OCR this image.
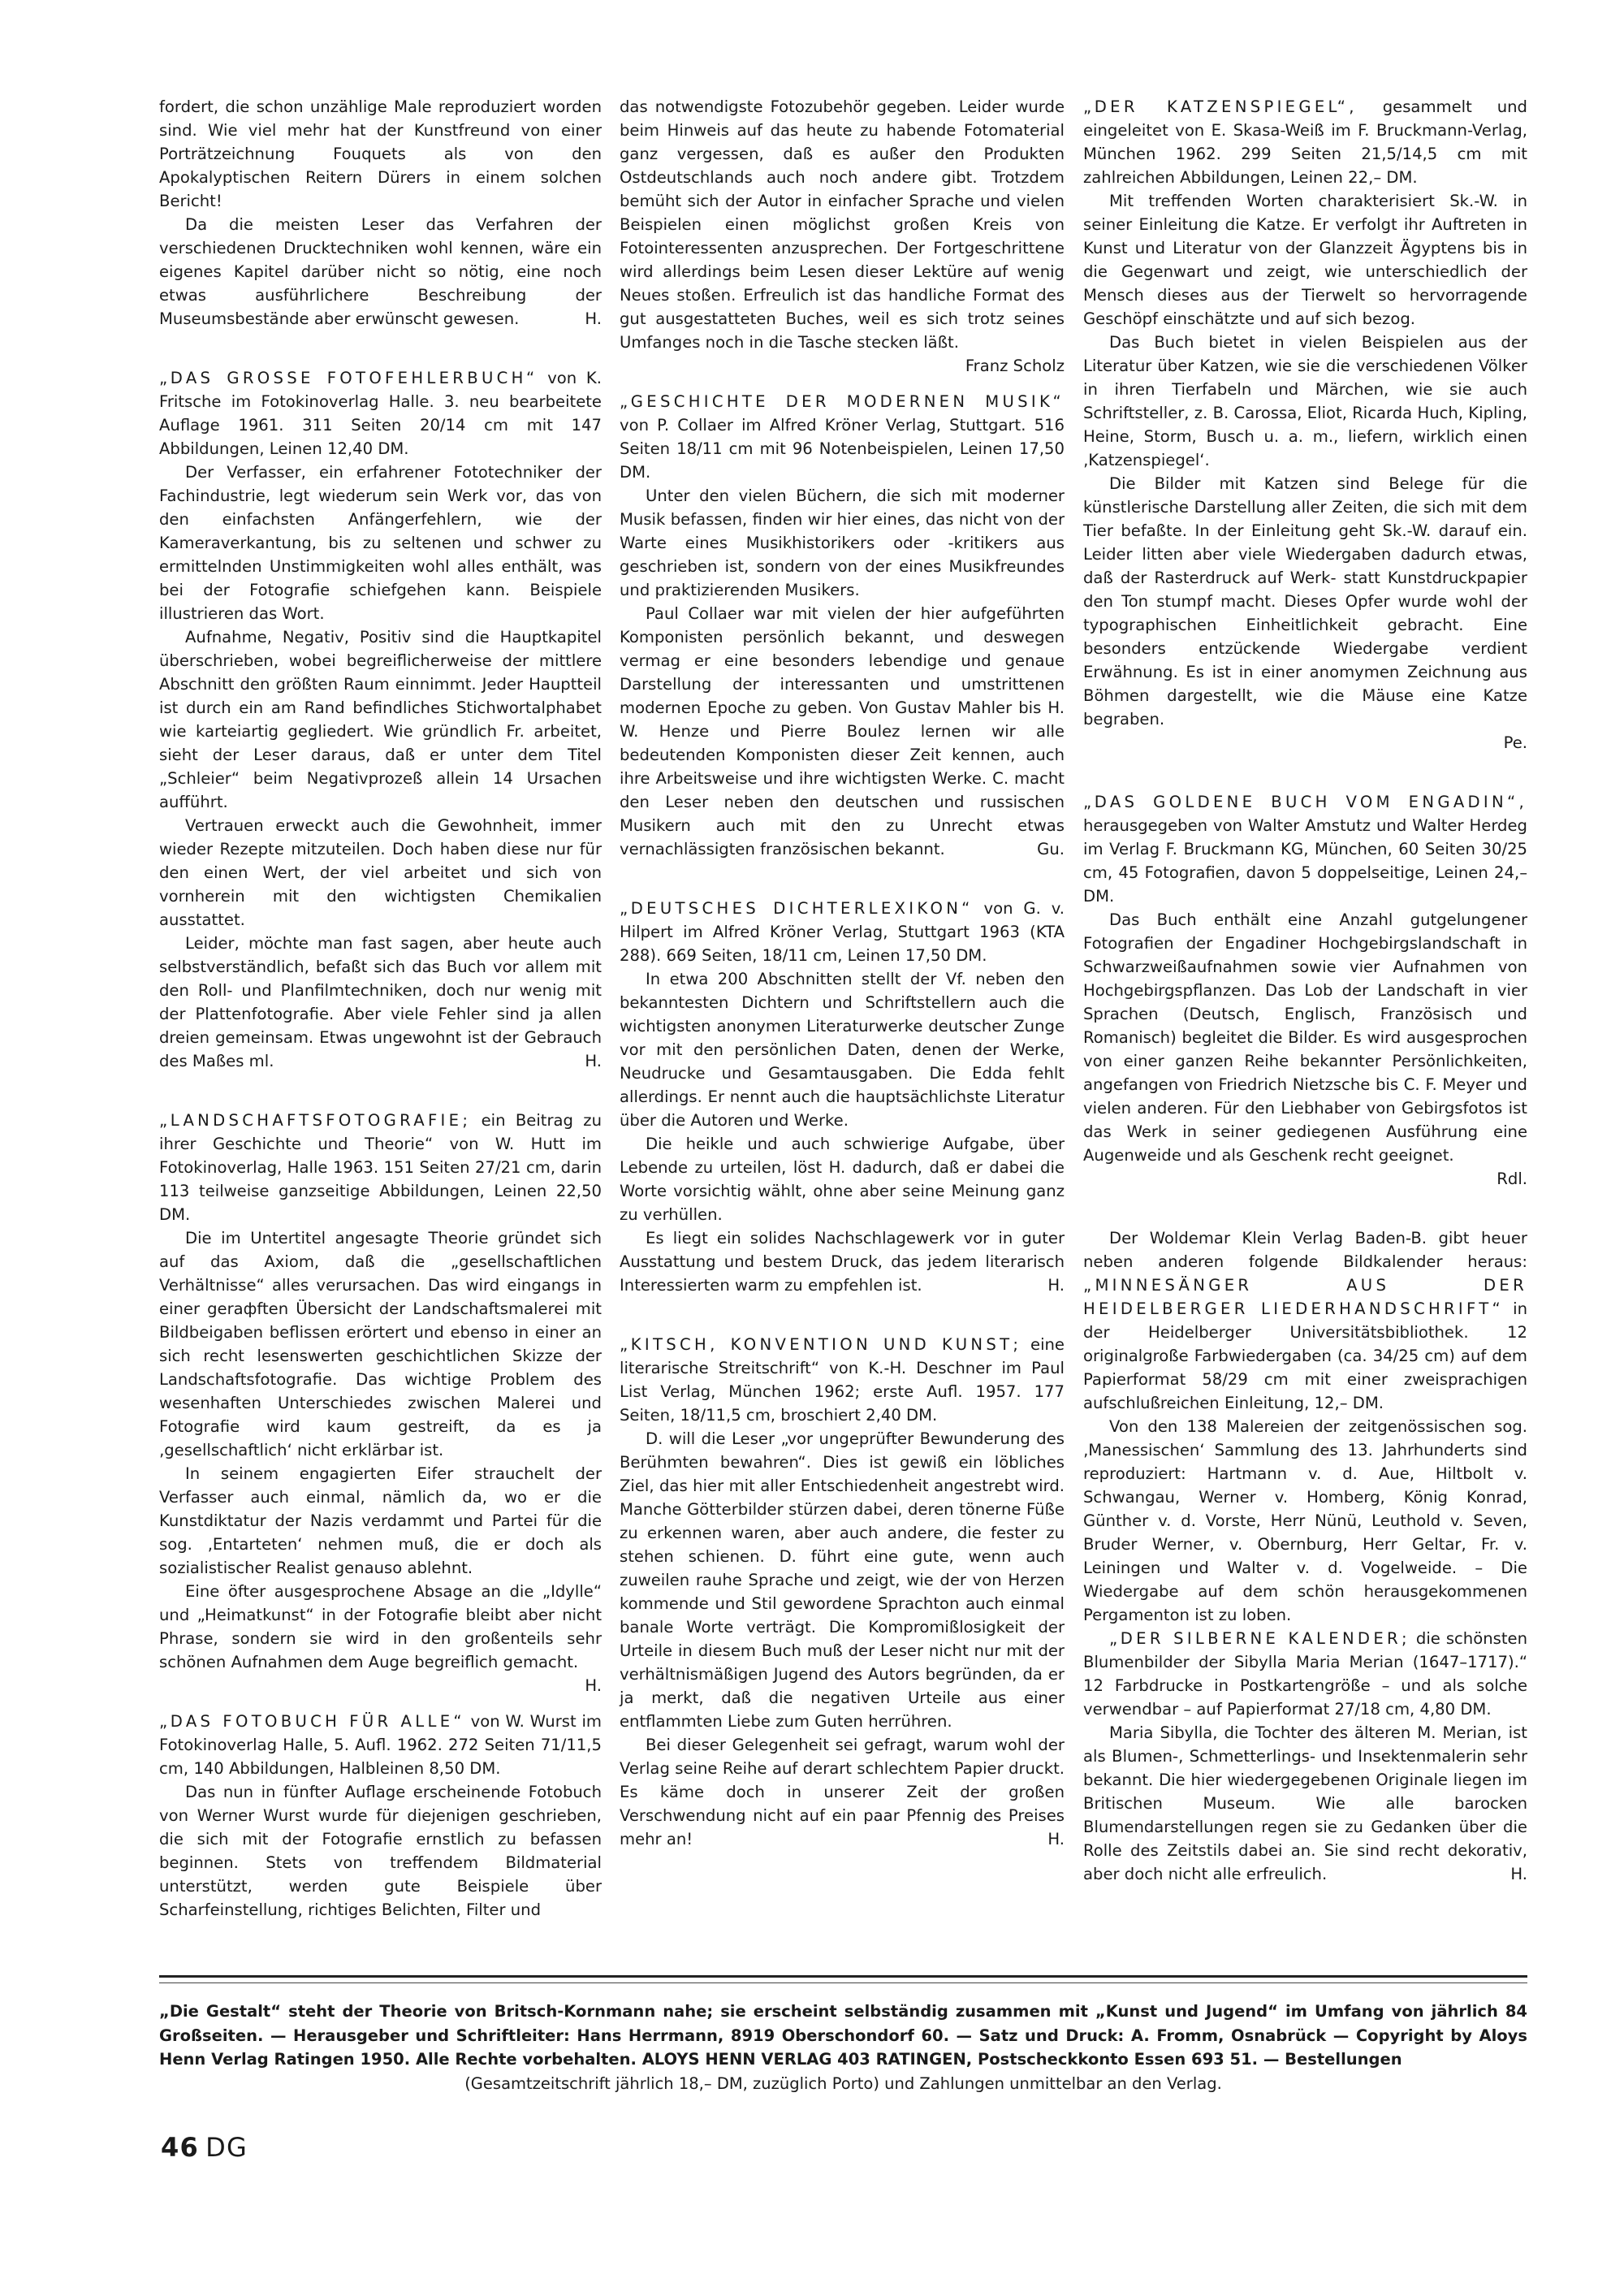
fordert, die schon unzählige Male reproduziert worden sind. Wie viel mehr hat der Kunstfreund von einer Porträtzeichnung Fouquets als von den Apokalyptischen Reitern Dürers in einem solchen Bericht!

Da die meisten Leser das Verfahren der verschiedenen Drucktechniken wohl kennen, wäre ein eigenes Kapitel darüber nicht so nötig, eine noch etwas ausführlichere Beschreibung der Museumsbestände aber erwünscht gewesen.	H.

„DAS GROSSE FOTOFEHLERBUCH“ von K. Fritsche im Fotokinoverlag Halle. 3. neu bearbeitete Auflage 1961. 311 Seiten 20/14 cm mit 147 Abbildungen, Leinen 12,40 DM.

Der Verfasser, ein erfahrener Fototechniker der Fachindustrie, legt wiederum sein Werk vor, das von den einfachsten Anfängerfehlern, wie der Kameraverkantung, bis zu seltenen und schwer zu ermittelnden Unstimmigkeiten wohl alles enthält, was bei der Fotografie schiefgehen kann. Beispiele illustrieren das Wort.

Aufnahme, Negativ, Positiv sind die Hauptkapitel überschrieben, wobei begreiflicherweise der mittlere Abschnitt den größten Raum einnimmt. Jeder Hauptteil ist durch ein am Rand befindliches Stichwortalphabet wie karteiartig gegliedert. Wie gründlich Fr. arbeitet, sieht der Leser daraus, daß er unter dem Titel „Schleier“ beim Negativprozeß allein 14 Ursachen aufführt.

Vertrauen erweckt auch die Gewohnheit, immer wieder Rezepte mitzuteilen. Doch haben diese nur für den einen Wert, der viel arbeitet und sich von vornherein mit den wichtigsten Chemikalien ausstattet.

Leider, möchte man fast sagen, aber heute auch selbstverständlich, befaßt sich das Buch vor allem mit den Roll- und Planfilmtechniken, doch nur wenig mit der Plattenfotografie. Aber viele Fehler sind ja allen dreien gemeinsam. Etwas ungewohnt ist der Gebrauch des Maßes ml.	H.

„LANDSCHAFTSFOTOGRAFIE; ein Beitrag zu ihrer Geschichte und Theorie“ von W. Hutt im Fotokinoverlag, Halle 1963. 151 Seiten 27/21 cm, darin 113 teilweise ganzseitige Abbildungen, Leinen 22,50 DM.

Die im Untertitel angesagte Theorie gründet sich auf das Axiom, daß die „gesellschaftlichen Verhältnisse“ alles verursachen. Das wird eingangs in einer geraфften Übersicht der Landschaftsmalerei mit Bildbeigaben beflissen erörtert und ebenso in einer an sich recht lesenswerten geschichtlichen Skizze der Landschaftsfotografie. Das wichtige Problem des wesenhaften Unterschiedes zwischen Malerei und Fotografie wird kaum gestreift, da es ja ‚gesellschaftlich‘ nicht erklärbar ist.

In seinem engagierten Eifer strauchelt der Verfasser auch einmal, nämlich da, wo er die Kunstdiktatur der Nazis verdammt und Partei für die sog. ‚Entarteten‘ nehmen muß, die er doch als sozialistischer Realist genauso ablehnt.

Eine öfter ausgesprochene Absage an die „Idylle“ und „Heimatkunst“ in der Fotografie bleibt aber nicht Phrase, sondern sie wird in den großenteils sehr schönen Aufnahmen dem Auge begreiflich gemacht.
H.

„DAS FOTOBUCH FÜR ALLE“ von W. Wurst im Fotokinoverlag Halle, 5. Aufl. 1962. 272 Seiten 71/11,5 cm, 140 Abbildungen, Halbleinen 8,50 DM.

Das nun in fünfter Auflage erscheinende Fotobuch von Werner Wurst wurde für diejenigen geschrieben, die sich mit der Fotografie ernstlich zu befassen beginnen. Stets von treffendem Bildmaterial unterstützt, werden gute Beispiele über Scharfeinstellung, richtiges Belichten, Filter und

das notwendigste Fotozubehör gegeben. Leider wurde beim Hinweis auf das heute zu habende Fotomaterial ganz vergessen, daß es außer den Produkten Ostdeutschlands auch noch andere gibt. Trotzdem bemüht sich der Autor in einfacher Sprache und vielen Beispielen einen möglichst großen Kreis von Fotointeressenten anzusprechen. Der Fortgeschrittene wird allerdings beim Lesen dieser Lektüre auf wenig Neues stoßen. Erfreulich ist das handliche Format des gut ausgestatteten Buches, weil es sich trotz seines Umfanges noch in die Tasche stecken läßt.
Franz Scholz

„GESCHICHTE DER MODERNEN MUSIK“ von P. Collaer im Alfred Kröner Verlag, Stuttgart. 516 Seiten 18/11 cm mit 96 Notenbeispielen, Leinen 17,50 DM.

Unter den vielen Büchern, die sich mit moderner Musik befassen, finden wir hier eines, das nicht von der Warte eines Musikhistorikers oder -kritikers aus geschrieben ist, sondern von der eines Musikfreundes und praktizierenden Musikers.

Paul Collaer war mit vielen der hier aufgeführten Komponisten persönlich bekannt, und deswegen vermag er eine besonders lebendige und genaue Darstellung der interessanten und umstrittenen modernen Epoche zu geben. Von Gustav Mahler bis H. W. Henze und Pierre Boulez lernen wir alle bedeutenden Komponisten dieser Zeit kennen, auch ihre Arbeitsweise und ihre wichtigsten Werke. C. macht den Leser neben den deutschen und russischen Musikern auch mit den zu Unrecht etwas vernachlässigten französischen bekannt.	Gu.

„DEUTSCHES DICHTERLEXIKON“ von G. v. Hilpert im Alfred Kröner Verlag, Stuttgart 1963 (KTA 288). 669 Seiten, 18/11 cm, Leinen 17,50 DM.

In etwa 200 Abschnitten stellt der Vf. neben den bekanntesten Dichtern und Schriftstellern auch die wichtigsten anonymen Literaturwerke deutscher Zunge vor mit den persönlichen Daten, denen der Werke, Neudrucke und Gesamtausgaben. Die Edda fehlt allerdings. Er nennt auch die hauptsächlichste Literatur über die Autoren und Werke.

Die heikle und auch schwierige Aufgabe, über Lebende zu urteilen, löst H. dadurch, daß er dabei die Worte vorsichtig wählt, ohne aber seine Meinung ganz zu verhüllen.

Es liegt ein solides Nachschlagewerk vor in guter Ausstattung und bestem Druck, das jedem literarisch Interessierten warm zu empfehlen ist.	H.

„KITSCH, KONVENTION UND KUNST; eine literarische Streitschrift“ von K.-H. Deschner im Paul List Verlag, München 1962; erste Aufl. 1957. 177 Seiten, 18/11,5 cm, broschiert 2,40 DM.

D. will die Leser „vor ungeprüfter Bewunderung des Berühmten bewahren“. Dies ist gewiß ein löbliches Ziel, das hier mit aller Entschiedenheit angestrebt wird. Manche Götterbilder stürzen dabei, deren tönerne Füße zu erkennen waren, aber auch andere, die fester zu stehen schienen. D. führt eine gute, wenn auch zuweilen rauhe Sprache und zeigt, wie der von Herzen kommende und Stil gewordene Sprachton auch einmal banale Worte verträgt. Die Kompromißlosigkeit der Urteile in diesem Buch muß der Leser nicht nur mit der verhältnismäßigen Jugend des Autors begründen, da er ja merkt, daß die negativen Urteile aus einer entflammten Liebe zum Guten herrühren.

Bei dieser Gelegenheit sei gefragt, warum wohl der Verlag seine Reihe auf derart schlechtem Papier druckt. Es käme doch in unserer Zeit der großen Verschwendung nicht auf ein paar Pfennig des Preises mehr an!	H.

„DER KATZENSPIEGEL“, gesammelt und eingeleitet von E. Skasa-Weiß im F. Bruckmann-Verlag, München 1962. 299 Seiten 21,5/14,5 cm mit zahlreichen Abbildungen, Leinen 22,– DM.

Mit treffenden Worten charakterisiert Sk.-W. in seiner Einleitung die Katze. Er verfolgt ihr Auftreten in Kunst und Literatur von der Glanzzeit Ägyptens bis in die Gegenwart und zeigt, wie unterschiedlich der Mensch dieses aus der Tierwelt so hervorragende Geschöpf einschätzte und auf sich bezog.

Das Buch bietet in vielen Beispielen aus der Literatur über Katzen, wie sie die verschiedenen Völker in ihren Tierfabeln und Märchen, wie sie auch Schriftsteller, z. B. Carossa, Eliot, Ricarda Huch, Kipling, Heine, Storm, Busch u. a. m., liefern, wirklich einen ‚Katzenspiegel‘.

Die Bilder mit Katzen sind Belege für die künstlerische Darstellung aller Zeiten, die sich mit dem Tier befaßte. In der Einleitung geht Sk.-W. darauf ein. Leider litten aber viele Wiedergaben dadurch etwas, daß der Rasterdruck auf Werk- statt Kunstdruckpapier den Ton stumpf macht. Dieses Opfer wurde wohl der typographischen Einheitlichkeit gebracht. Eine besonders entzückende Wiedergabe verdient Erwähnung. Es ist in einer anomymen Zeichnung aus Böhmen dargestellt, wie die Mäuse eine Katze begraben.

Pe.

„DAS GOLDENE BUCH VOM ENGADIN“, herausgegeben von Walter Amstutz und Walter Herdeg im Verlag F. Bruckmann KG, München, 60 Seiten 30/25 cm, 45 Fotografien, davon 5 doppelseitige, Leinen 24,– DM.

Das Buch enthält eine Anzahl gutgelungener Fotografien der Engadiner Hochgebirgslandschaft in Schwarzweißaufnahmen sowie vier Aufnahmen von Hochgebirgspflanzen. Das Lob der Landschaft in vier Sprachen (Deutsch, Englisch, Französisch und Romanisch) begleitet die Bilder. Es wird ausgesprochen von einer ganzen Reihe bekannter Persönlichkeiten, angefangen von Friedrich Nietzsche bis C. F. Meyer und vielen anderen. Für den Liebhaber von Gebirgsfotos ist das Werk in seiner gediegenen Ausführung eine Augenweide und als Geschenk recht geeignet.

Rdl.

Der Woldemar Klein Verlag Baden-B. gibt heuer neben anderen folgende Bildkalender heraus: „MINNESÄNGER AUS DER HEIDELBERGER LIEDERHANDSCHRIFT“ in der Heidelberger Universitätsbibliothek. 12 originalgroße Farbwiedergaben (ca. 34/25 cm) auf dem Papierformat 58/29 cm mit einer zweisprachigen aufschlußreichen Einleitung, 12,– DM.

Von den 138 Malereien der zeitgenössischen sog. ‚Manessischen‘ Sammlung des 13. Jahrhunderts sind reproduziert: Hartmann v. d. Aue, Hiltbolt v. Schwangau, Werner v. Homberg, König Konrad, Günther v. d. Vorste, Herr Nünü, Leuthold v. Seven, Bruder Werner, v. Obernburg, Herr Geltar, Fr. v. Leiningen und Walter v. d. Vogelweide. – Die Wiedergabe auf dem schön herausgekommenen Pergamenton ist zu loben.

„DER SILBERNE KALENDER; die schönsten Blumenbilder der Sibylla Maria Merian (1647–1717).“ 12 Farbdrucke in Postkartengröße – und als solche verwendbar – auf Papierformat 27/18 cm, 4,80 DM.

Maria Sibylla, die Tochter des älteren M. Merian, ist als Blumen-, Schmetterlings- und Insektenmalerin sehr bekannt. Die hier wiedergegebenen Originale liegen im Britischen Museum. Wie alle barocken Blumendarstellungen regen sie zu Gedanken über die Rolle des Zeitstils dabei an. Sie sind recht dekorativ, aber doch nicht alle erfreulich.	H.

„Die Gestalt“ steht der Theorie von Britsch-Kornmann nahe; sie erscheint selbständig zusammen mit „Kunst und Jugend“ im Umfang von jährlich 84 Großseiten. — Herausgeber und Schriftleiter: Hans Herrmann, 8919 Oberschondorf 60. — Satz und Druck: A. Fromm, Osnabrück — Copyright by Aloys Henn Verlag Ratingen 1950. Alle Rechte vorbehalten. ALOYS HENN VERLAG 403 RATINGEN, Postscheckkonto Essen 693 51. — Bestellungen
(Gesamtzeitschrift jährlich 18,– DM, zuzüglich Porto) und Zahlungen unmittelbar an den Verlag.
46 DG
